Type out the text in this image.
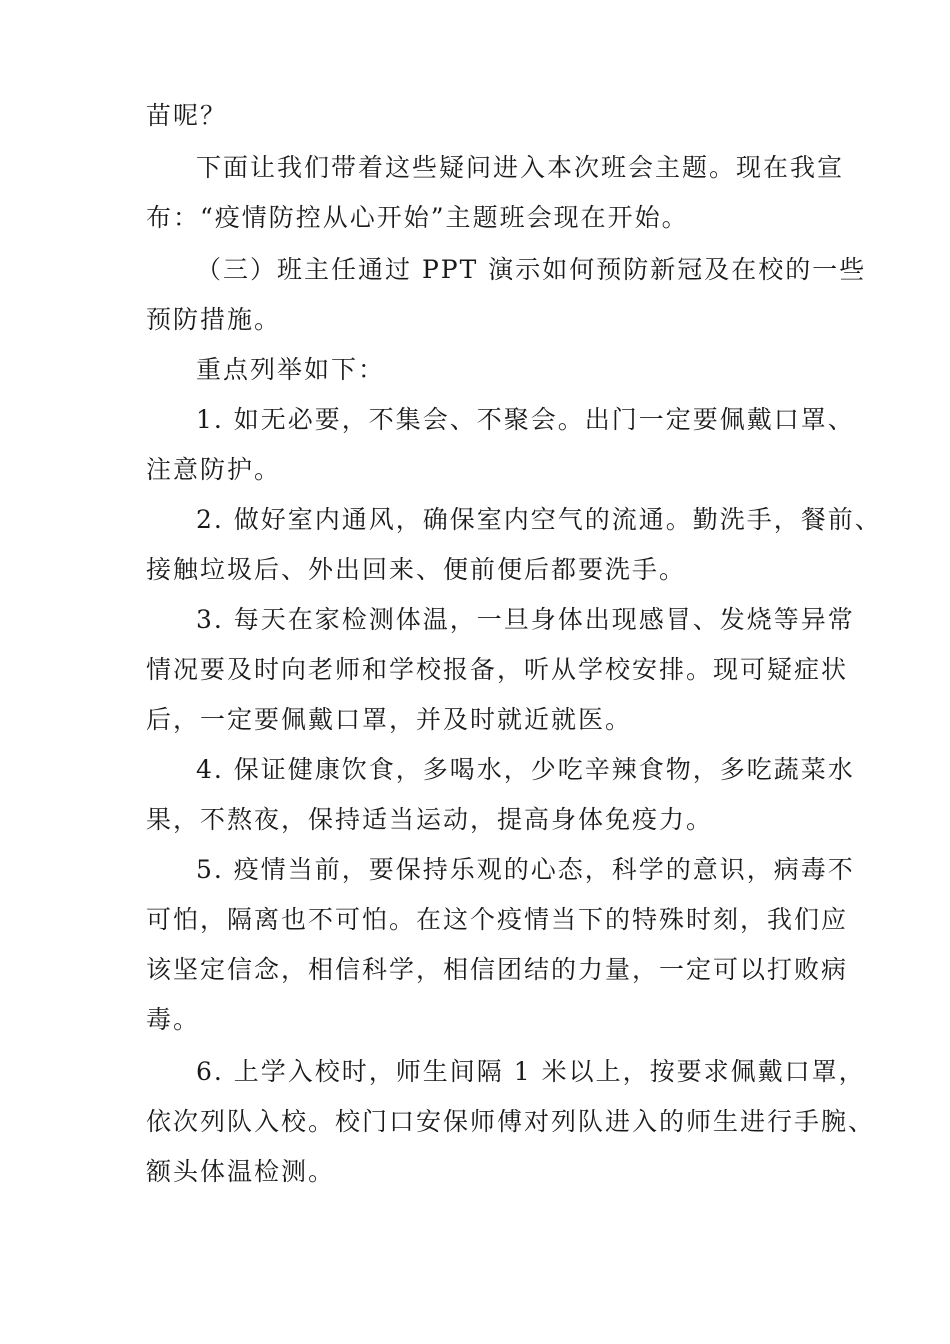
苗呢？
下面让我们带着这些疑问进入本次班会主题。现在我宣
布：“疫情防控从心开始”主题班会现在开始。
（三）班主任通过 PPT 演示如何预防新冠及在校的一些
预防措施。
重点列举如下：
1. 如无必要，不集会、不聚会。出门一定要佩戴口罩、
注意防护。
2. 做好室内通风，确保室内空气的流通。勤洗手，餐前、
接触垃圾后、外出回来、便前便后都要洗手。
3. 每天在家检测体温，一旦身体出现感冒、发烧等异常
情况要及时向老师和学校报备，听从学校安排。现可疑症状
后，一定要佩戴口罩，并及时就近就医。
4. 保证健康饮食，多喝水，少吃辛辣食物，多吃蔬菜水
果，不熬夜，保持适当运动，提高身体免疫力。
5. 疫情当前，要保持乐观的心态，科学的意识，病毒不
可怕，隔离也不可怕。在这个疫情当下的特殊时刻，我们应
该坚定信念，相信科学，相信团结的力量，一定可以打败病
毒。
6. 上学入校时，师生间隔 1 米以上，按要求佩戴口罩，
依次列队入校。校门口安保师傅对列队进入的师生进行手腕、
额头体温检测。
